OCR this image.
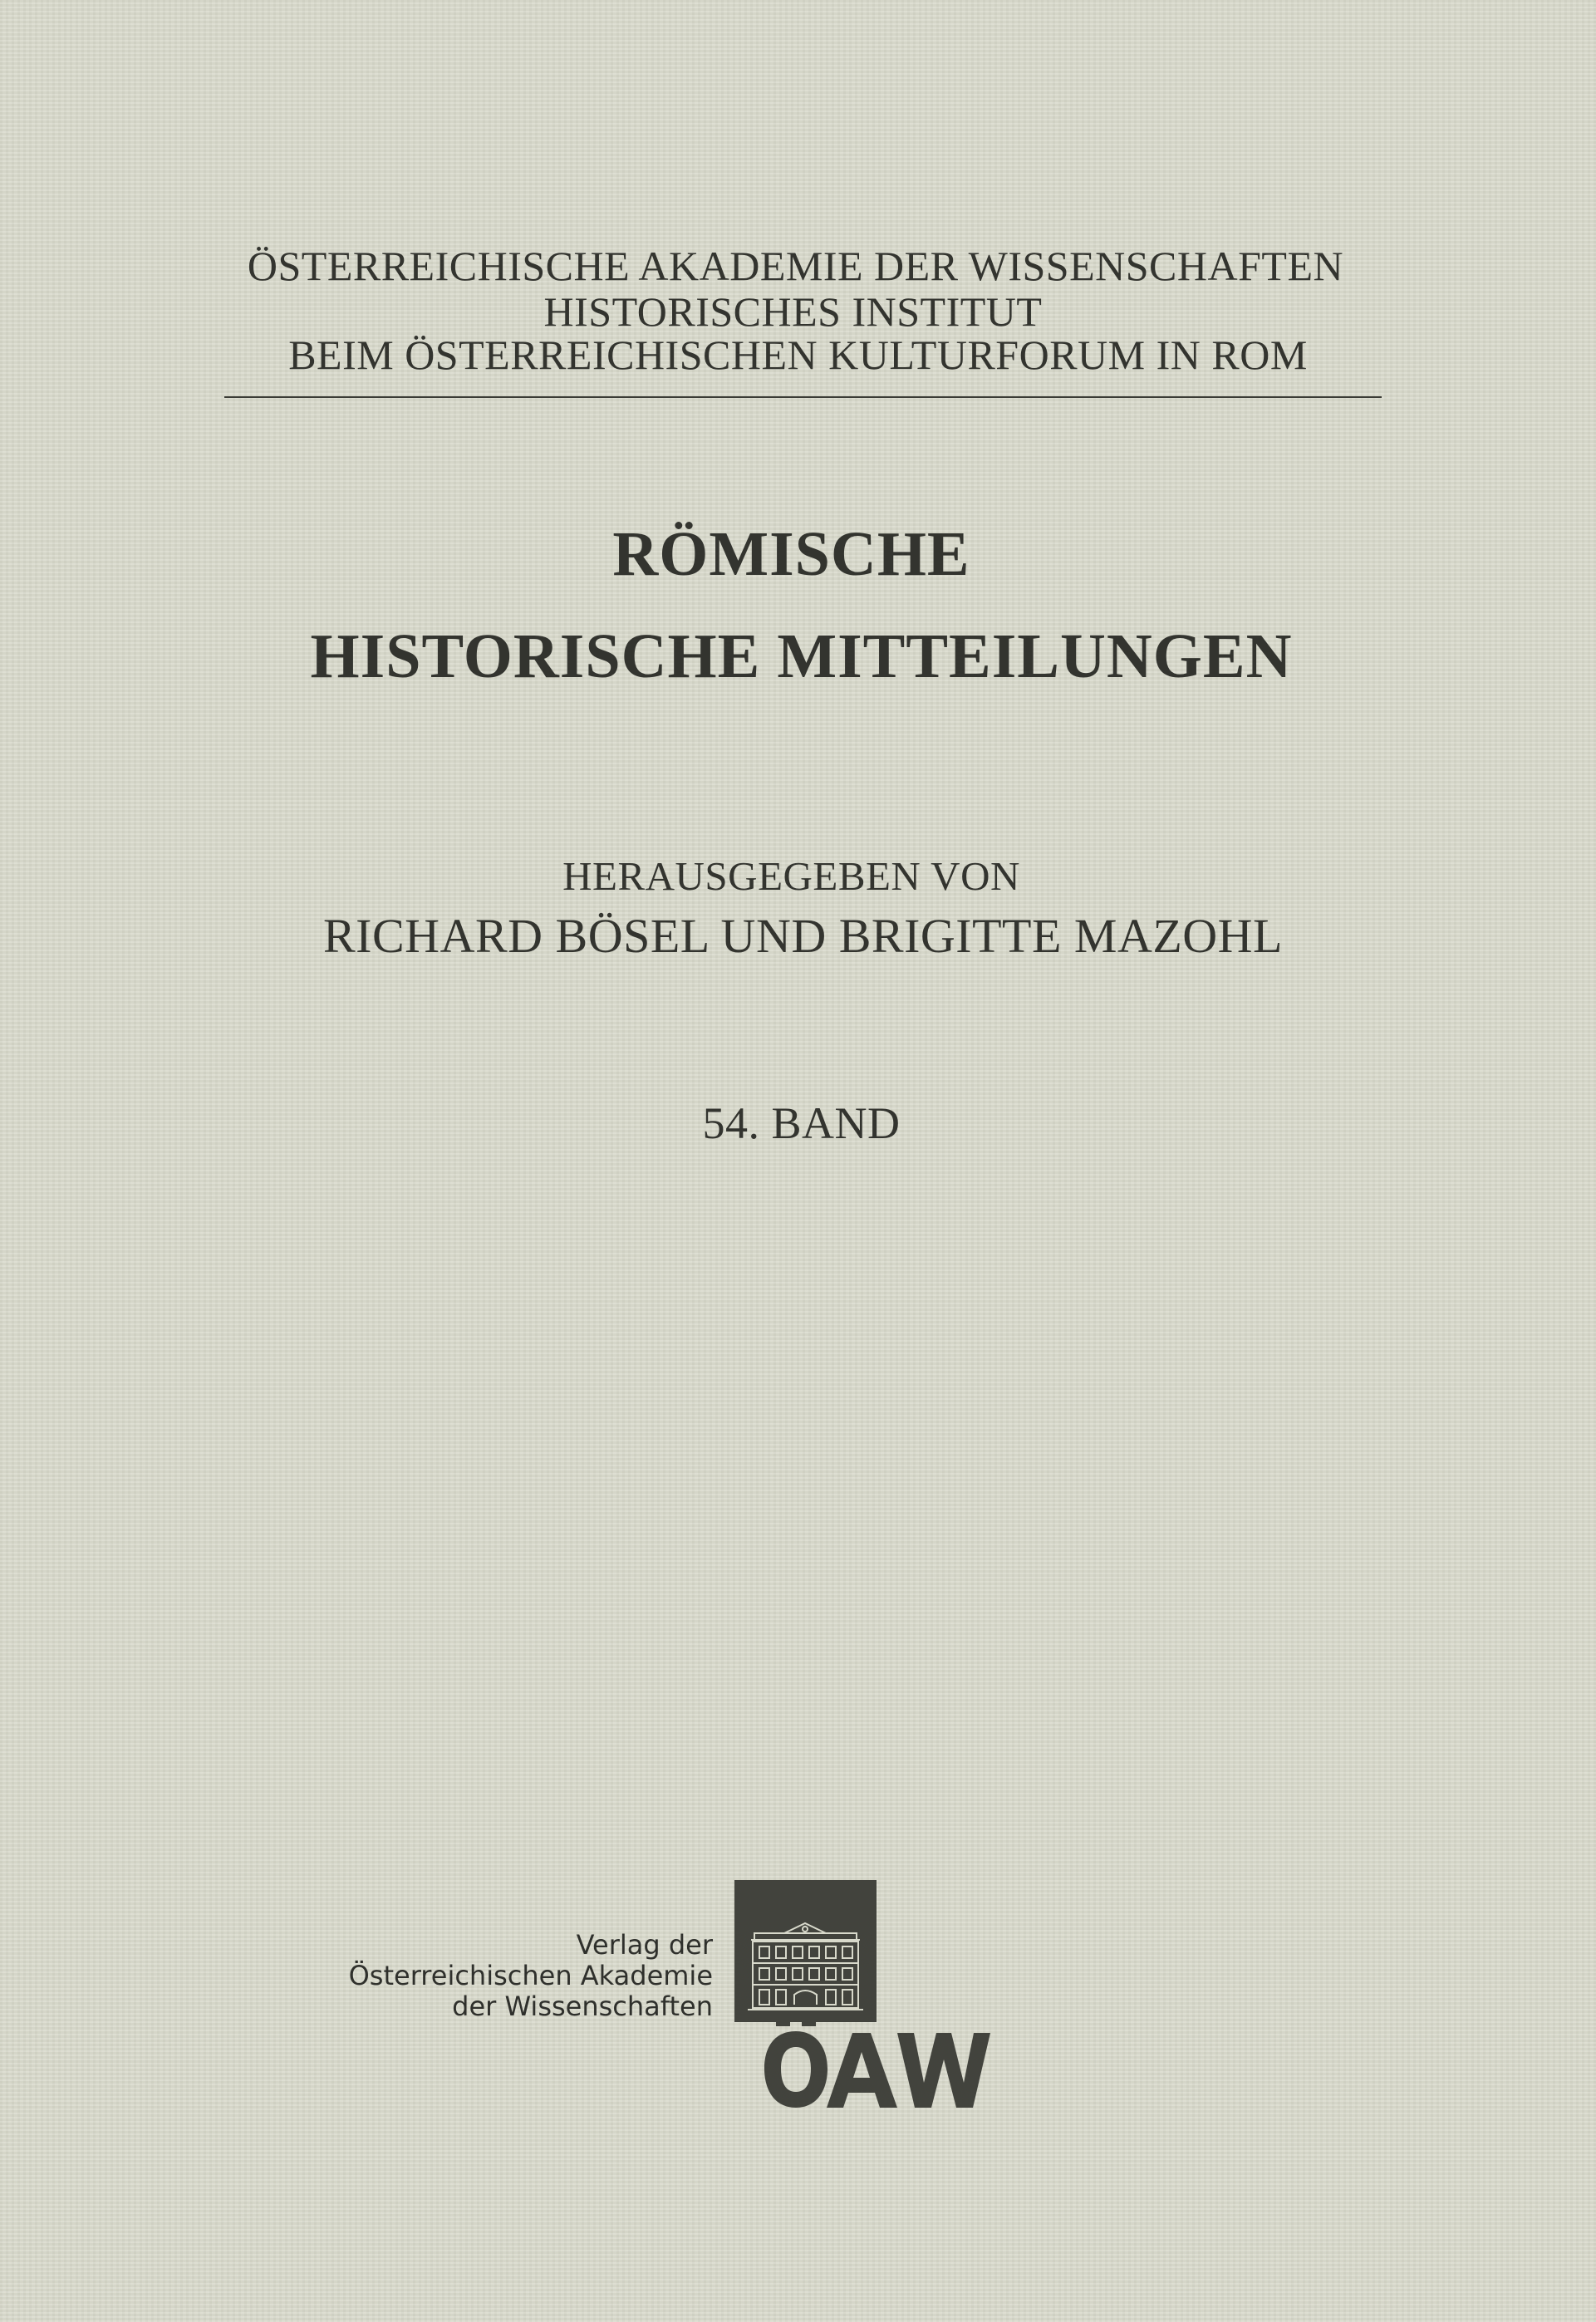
ÖSTERREICHISCHE AKADEMIE DER WISSENSCHAFTEN

HISTORISCHES INSTITUT

BEIM ÖSTERREICHISCHEN KULTURFORUM IN ROM

RÖMISCHE

HISTORISCHE MITTEILUNGEN

HERAUSGEGEBEN VON

RICHARD BÖSEL UND BRIGITTE MAZOHL

54. BAND

Verlag der
Österreichischen Akademie
der Wissenschaften
